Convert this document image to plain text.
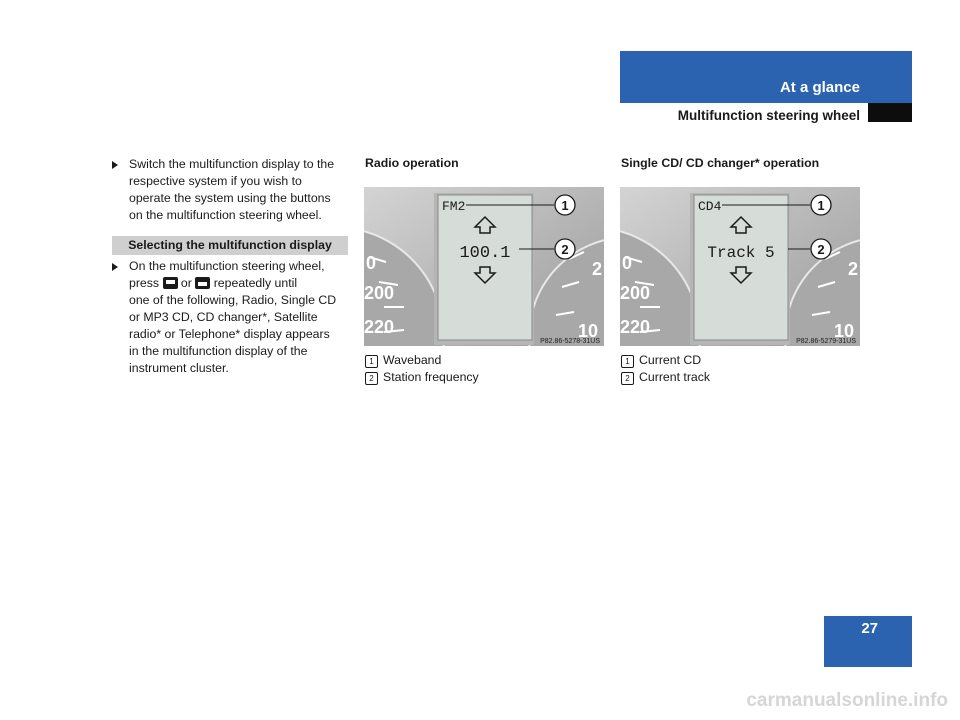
At a glance
Multifunction steering wheel
Switch the multifunction display to the
respective system if you wish to
operate the system using the buttons
on the multifunction steering wheel.
Selecting the multifunction display
On the multifunction steering wheel,
press or repeatedly until
one of the following, Radio, Single CD
or MP3 CD, CD changer*, Satellite
radio* or Telephone* display appears
in the multifunction display of the
instrument cluster.
Radio operation
0
200
220
2
10
FM2
100.1
1
2
P82.86-5278-31US
1 Waveband
2 Station frequency
Single CD/ CD changer* operation
0
200
220
2
10
CD4
Track 5
1
2
P82.86-5279-31US
1 Current CD
2 Current track
27
carmanualsonline.info
